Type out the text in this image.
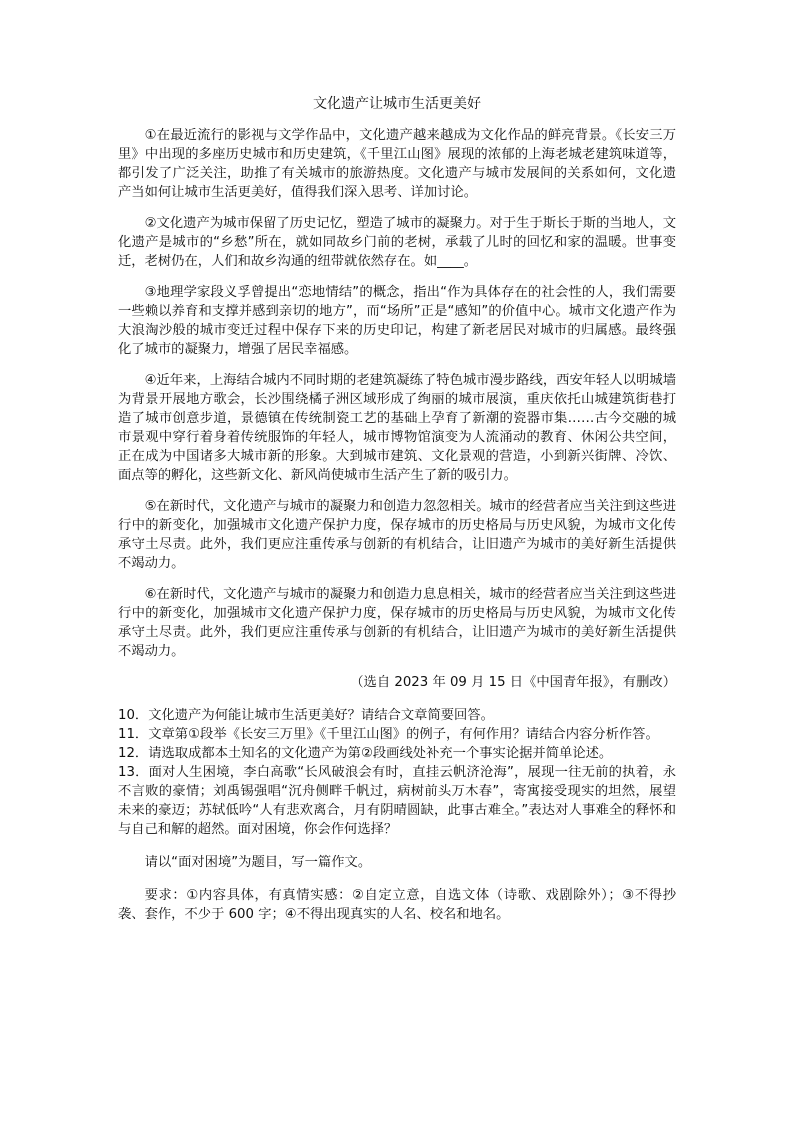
文化遗产让城市生活更美好

①在最近流行的影视与文学作品中，文化遗产越来越成为文化作品的鲜亮背景。《长安三万里》中出现的多座历史城市和历史建筑，《千里江山图》展现的浓郁的上海老城老建筑味道等，都引发了广泛关注，助推了有关城市的旅游热度。文化遗产与城市发展间的关系如何，文化遗产当如何让城市生活更美好，值得我们深入思考、详加讨论。

②文化遗产为城市保留了历史记忆，塑造了城市的凝聚力。对于生于斯长于斯的当地人，文化遗产是城市的“乡愁”所在，就如同故乡门前的老树，承载了儿时的回忆和家的温暖。世事变迁，老树仍在，人们和故乡沟通的纽带就依然存在。如____。

③地理学家段义孚曾提出“恋地情结”的概念，指出“作为具体存在的社会性的人，我们需要一些赖以养育和支撑并感到亲切的地方”，而“场所”正是“感知”的价值中心。城市文化遗产作为大浪淘沙般的城市变迁过程中保存下来的历史印记，构建了新老居民对城市的归属感。最终强化了城市的凝聚力，增强了居民幸福感。

④近年来，上海结合城内不同时期的老建筑凝练了特色城市漫步路线，西安年轻人以明城墙为背景开展地方歌会，长沙围绕橘子洲区域形成了绚丽的城市展演，重庆依托山城建筑街巷打造了城市创意步道，景德镇在传统制瓷工艺的基础上孕育了新潮的瓷器市集……古今交融的城市景观中穿行着身着传统服饰的年轻人，城市博物馆演变为人流涌动的教育、休闲公共空间，正在成为中国诸多大城市新的形象。大到城市建筑、文化景观的营造，小到新兴街牌、冷饮、面点等的孵化，这些新文化、新风尚使城市生活产生了新的吸引力。

⑤在新时代，文化遗产与城市的凝聚力和创造力忽忽相关。城市的经营者应当关注到这些进行中的新变化，加强城市文化遗产保护力度，保存城市的历史格局与历史风貌，为城市文化传承守土尽责。此外，我们更应注重传承与创新的有机结合，让旧遗产为城市的美好新生活提供不竭动力。

⑥在新时代，文化遗产与城市的凝聚力和创造力息息相关，城市的经营者应当关注到这些进行中的新变化，加强城市文化遗产保护力度，保存城市的历史格局与历史风貌，为城市文化传承守土尽责。此外，我们更应注重传承与创新的有机结合，让旧遗产为城市的美好新生活提供不竭动力。

（选自 2023 年 09 月 15 日《中国青年报》，有删改）

10．文化遗产为何能让城市生活更美好？请结合文章简要回答。

11．文章第①段举《长安三万里》《千里江山图》的例子，有何作用？请结合内容分析作答。

12．请选取成都本土知名的文化遗产为第②段画线处补充一个事实论据并简单论述。

13．面对人生困境，李白高歌“长风破浪会有时，直挂云帆济沧海”，展现一往无前的执着，永不言败的豪情；刘禹锡强唱“沉舟侧畔千帆过，病树前头万木春”，寄寓接受现实的坦然，展望未来的豪迈；苏轼低吟“人有悲欢离合，月有阴晴圆缺，此事古难全。”表达对人事难全的释怀和与自己和解的超然。面对困境，你会作何选择？

请以“面对困境”为题目，写一篇作文。

要求：①内容具体，有真情实感：②自定立意，自选文体（诗歌、戏剧除外）；③不得抄袭、套作，不少于 600 字；④不得出现真实的人名、校名和地名。
